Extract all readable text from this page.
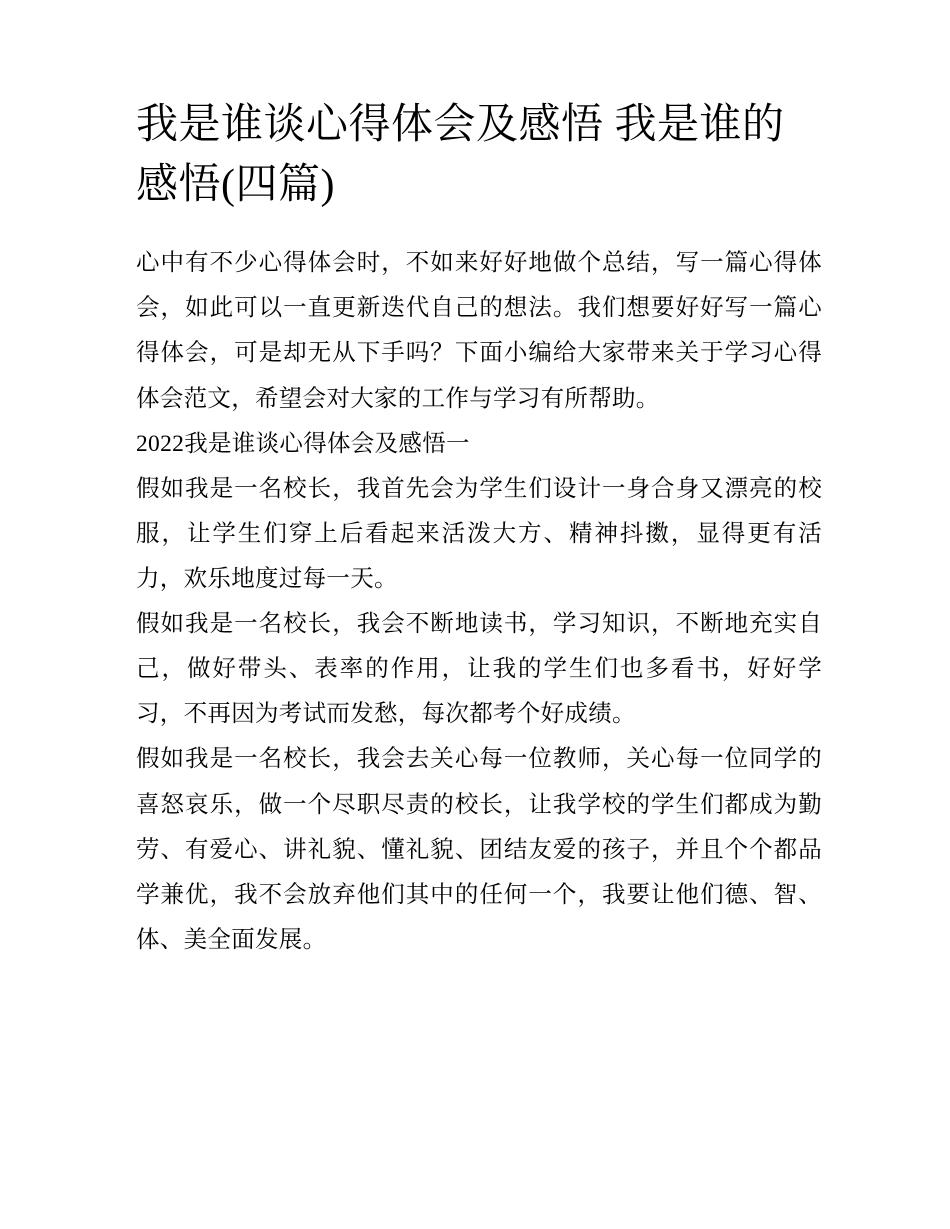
我是谁谈心得体会及感悟 我是谁的感悟(四篇)

心中有不少心得体会时，不如来好好地做个总结，写一篇心得体会，如此可以一直更新迭代自己的想法。我们想要好好写一篇心得体会，可是却无从下手吗？下面小编给大家带来关于学习心得体会范文，希望会对大家的工作与学习有所帮助。

2022我是谁谈心得体会及感悟一

假如我是一名校长，我首先会为学生们设计一身合身又漂亮的校服，让学生们穿上后看起来活泼大方、精神抖擞，显得更有活力，欢乐地度过每一天。

假如我是一名校长，我会不断地读书，学习知识，不断地充实自己，做好带头、表率的作用，让我的学生们也多看书，好好学习，不再因为考试而发愁，每次都考个好成绩。

假如我是一名校长，我会去关心每一位教师，关心每一位同学的喜怒哀乐，做一个尽职尽责的校长，让我学校的学生们都成为勤劳、有爱心、讲礼貌、懂礼貌、团结友爱的孩子，并且个个都品学兼优，我不会放弃他们其中的任何一个，我要让他们德、智、体、美全面发展。
